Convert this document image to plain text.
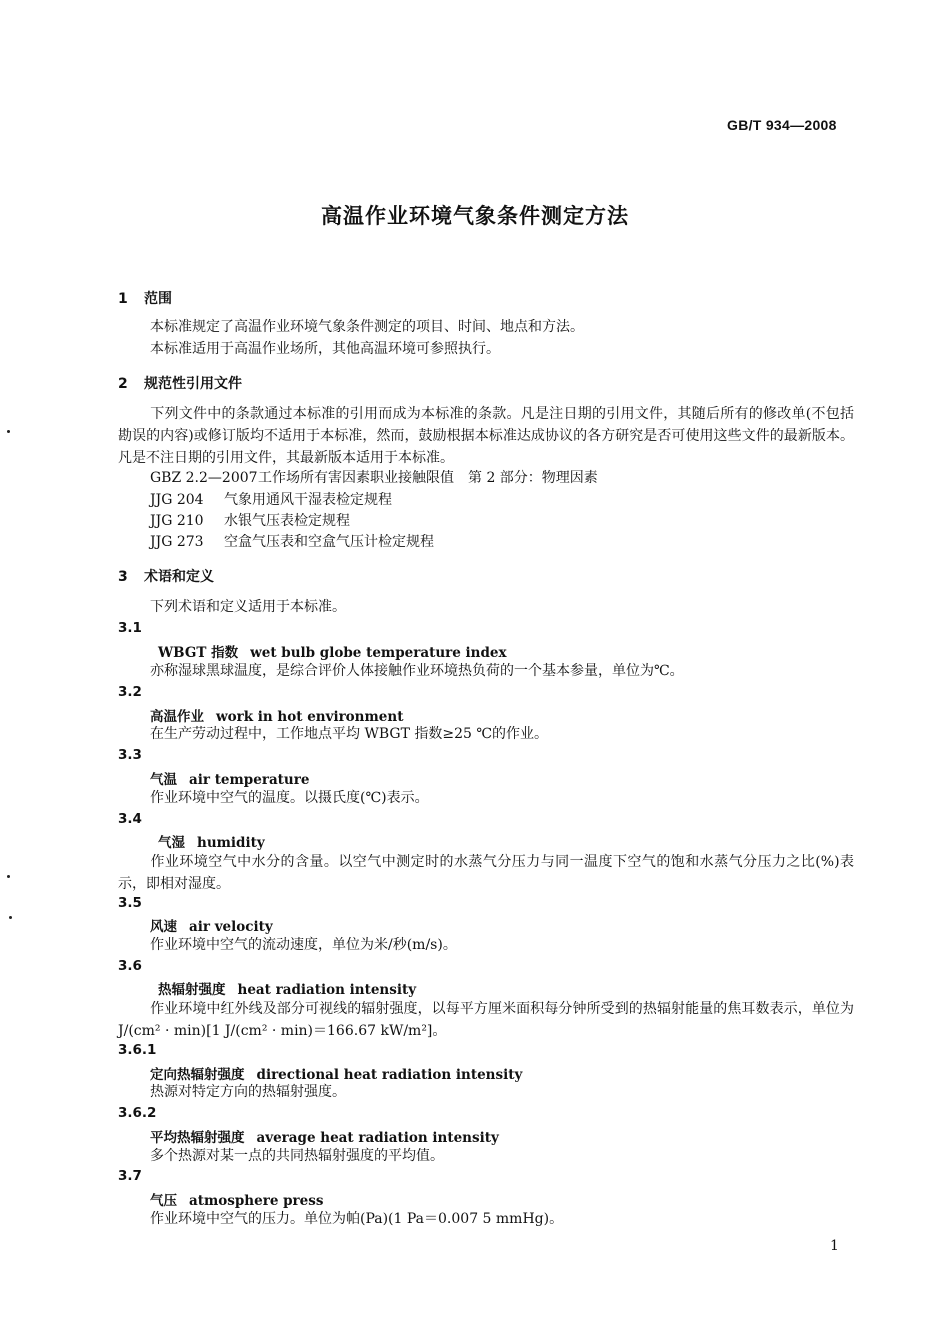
GB/T 934—2008
高温作业环境气象条件测定方法
1 范围
本标准规定了高温作业环境气象条件测定的项目、时间、地点和方法。
本标准适用于高温作业场所，其他高温环境可参照执行。
2 规范性引用文件
下列文件中的条款通过本标准的引用而成为本标准的条款。凡是注日期的引用文件，其随后所有的修改单(不包括勘误的内容)或修订版均不适用于本标准，然而，鼓励根据本标准达成协议的各方研究是否可使用这些文件的最新版本。凡是不注日期的引用文件，其最新版本适用于本标准。
GBZ 2.2—2007工作场所有害因素职业接触限值　第 2 部分：物理因素
JJG 204 气象用通风干湿表检定规程
JJG 210 水银气压表检定规程
JJG 273 空盒气压表和空盒气压计检定规程
3 术语和定义
下列术语和定义适用于本标准。
3.1
WBGT 指数 wet bulb globe temperature index
亦称湿球黑球温度，是综合评价人体接触作业环境热负荷的一个基本参量，单位为℃。
3.2
高温作业 work in hot environment
在生产劳动过程中，工作地点平均 WBGT 指数≥25 ℃的作业。
3.3
气温 air temperature
作业环境中空气的温度。以摄氏度(℃)表示。
3.4
气湿 humidity
作业环境空气中水分的含量。以空气中测定时的水蒸气分压力与同一温度下空气的饱和水蒸气分压力之比(%)表示，即相对湿度。
3.5
风速 air velocity
作业环境中空气的流动速度，单位为米/秒(m/s)。
3.6
热辐射强度 heat radiation intensity
作业环境中红外线及部分可视线的辐射强度，以每平方厘米面积每分钟所受到的热辐射能量的焦耳数表示，单位为 J/(cm² · min)[1 J/(cm² · min)＝166.67 kW/m²]。
3.6.1
定向热辐射强度 directional heat radiation intensity
热源对特定方向的热辐射强度。
3.6.2
平均热辐射强度 average heat radiation intensity
多个热源对某一点的共同热辐射强度的平均值。
3.7
气压 atmosphere press
作业环境中空气的压力。单位为帕(Pa)(1 Pa＝0.007 5 mmHg)。
1
